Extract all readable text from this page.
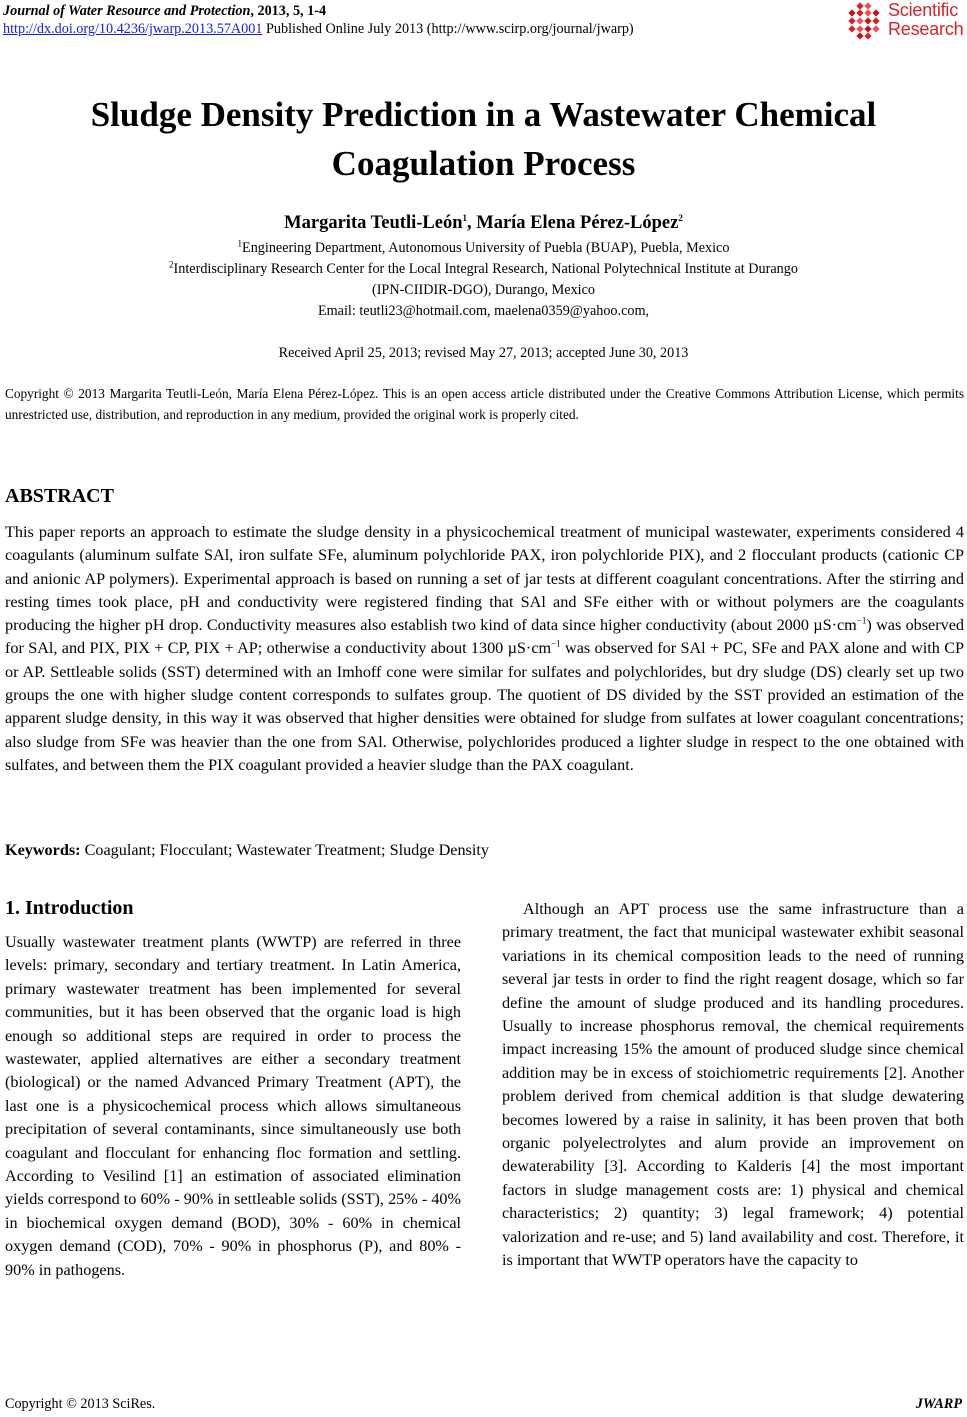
Journal of Water Resource and Protection, 2013, 5, 1-4
http://dx.doi.org/10.4236/jwarp.2013.57A001 Published Online July 2013 (http://www.scirp.org/journal/jwarp)
Scientific
Research
Sludge Density Prediction in a Wastewater Chemical Coagulation Process
Margarita Teutli-León$^1$, María Elena Pérez-López$^2$
$^1$Engineering Department, Autonomous University of Puebla (BUAP), Puebla, Mexico
$^2$Interdisciplinary Research Center for the Local Integral Research, National Polytechnical Institute at Durango
(IPN-CIIDIR-DGO), Durango, Mexico
Email: teutli23@hotmail.com, maelena0359@yahoo.com,
Received April 25, 2013; revised May 27, 2013; accepted June 30, 2013
Copyright © 2013 Margarita Teutli-León, María Elena Pérez-López. This is an open access article distributed under the Creative Commons Attribution License, which permits unrestricted use, distribution, and reproduction in any medium, provided the original work is properly cited.
ABSTRACT
This paper reports an approach to estimate the sludge density in a physicochemical treatment of municipal wastewater, experiments considered 4 coagulants (aluminum sulfate SAl, iron sulfate SFe, aluminum polychloride PAX, iron polychloride PIX), and 2 flocculant products (cationic CP and anionic AP polymers). Experimental approach is based on running a set of jar tests at different coagulant concentrations. After the stirring and resting times took place, pH and conductivity were registered finding that SAl and SFe either with or without polymers are the coagulants producing the higher pH drop. Conductivity measures also establish two kind of data since higher conductivity (about 2000 $\mu S\cdot cm^{-1}$) was observed for SAl, and PIX, PIX + CP, PIX + AP; otherwise a conductivity about 1300 $\mu S\cdot cm^{-1}$ was observed for SAl + PC, SFe and PAX alone and with CP or AP. Settleable solids (SST) determined with an Imhoff cone were similar for sulfates and polychlorides, but dry sludge (DS) clearly set up two groups the one with higher sludge content corresponds to sulfates group. The quotient of DS divided by the SST provided an estimation of the apparent sludge density, in this way it was observed that higher densities were obtained for sludge from sulfates at lower coagulant concentrations; also sludge from SFe was heavier than the one from SAl. Otherwise, polychlorides produced a lighter sludge in respect to the one obtained with sulfates, and between them the PIX coagulant provided a heavier sludge than the PAX coagulant.
Keywords: Coagulant; Flocculant; Wastewater Treatment; Sludge Density
1. Introduction
Usually wastewater treatment plants (WWTP) are referred in three levels: primary, secondary and tertiary treatment. In Latin America, primary wastewater treatment has been implemented for several communities, but it has been observed that the organic load is high enough so additional steps are required in order to process the wastewater, applied alternatives are either a secondary treatment (biological) or the named Advanced Primary Treatment (APT), the last one is a physicochemical process which allows simultaneous precipitation of several contaminants, since simultaneously use both coagulant and flocculant for enhancing floc formation and settling. According to Vesilind [1] an estimation of associated elimination yields correspond to 60% - 90% in settleable solids (SST), 25% - 40% in biochemical oxygen demand (BOD), 30% - 60% in chemical oxygen demand (COD), 70% - 90% in phosphorus (P), and 80% - 90% in pathogens.
Although an APT process use the same infrastructure than a primary treatment, the fact that municipal wastewater exhibit seasonal variations in its chemical composition leads to the need of running several jar tests in order to find the right reagent dosage, which so far define the amount of sludge produced and its handling procedures. Usually to increase phosphorus removal, the chemical requirements impact increasing 15% the amount of produced sludge since chemical addition may be in excess of stoichiometric requirements [2]. Another problem derived from chemical addition is that sludge dewatering becomes lowered by a raise in salinity, it has been proven that both organic polyelectrolytes and alum provide an improvement on dewaterability [3]. According to Kalderis [4] the most important factors in sludge management costs are: 1) physical and chemical characteristics; 2) quantity; 3) legal framework; 4) potential valorization and re-use; and 5) land availability and cost. Therefore, it is important that WWTP operators have the capacity to
Copyright © 2013 SciRes.	JWARP
